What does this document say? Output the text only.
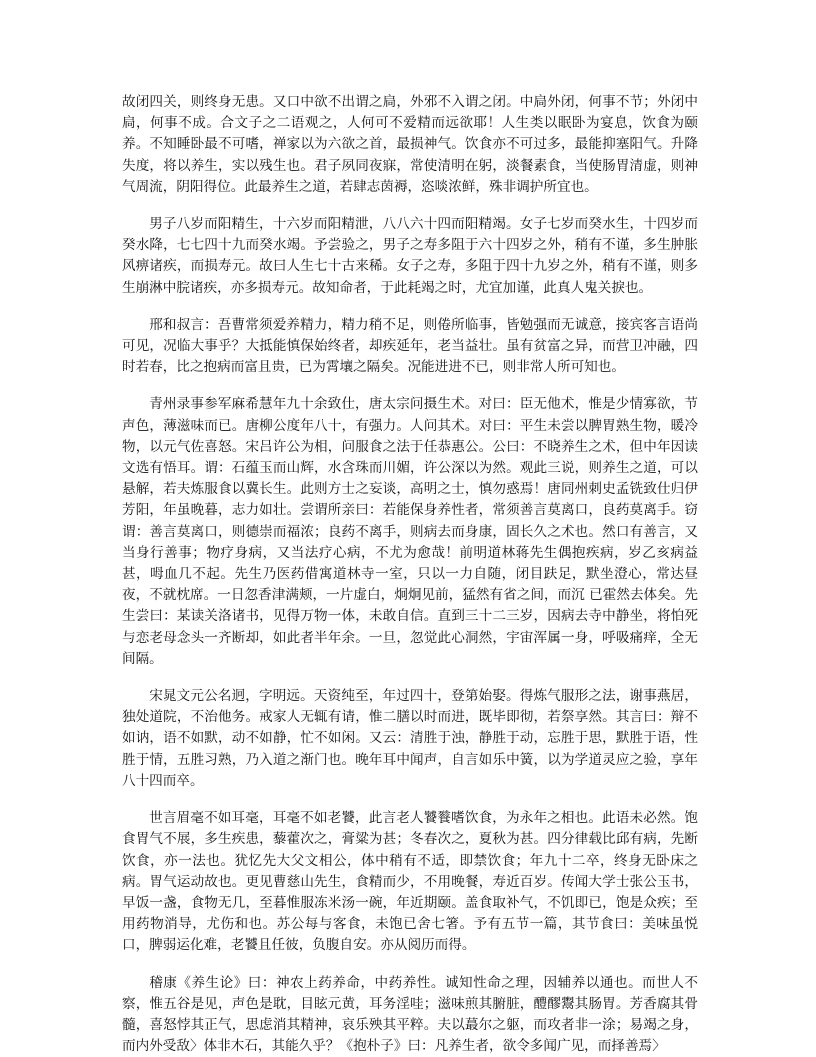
故闭四关，则终身无患。又口中欲不出谓之扃，外邪不入谓之闭。中扃外闭，何事不节；外闭中扃，何事不成。合文子之二语观之，人何可不爱精而远欲耶！人生类以眠卧为宴息，饮食为颐养。不知睡卧最不可嗜，禅家以为六欲之首，最损神气。饮食亦不可过多，最能抑塞阳气。升降失度，将以养生，实以残生也。君子夙同夜寐，常使清明在躬，淡餐素食，当使肠胃清虚，则神气周流，阴阳得位。此最养生之道，若肆志茵褥，恣啖浓鲜，殊非调护所宜也。

男子八岁而阳精生，十六岁而阳精泄，八八六十四而阳精竭。女子七岁而癸水生，十四岁而癸水降，七七四十九而癸水竭。予尝验之，男子之寿多阻于六十四岁之外，稍有不谨，多生肿胀风痹诸疾，而损寿元。故曰人生七十古来稀。女子之寿，多阻于四十九岁之外，稍有不谨，则多生崩淋中脘诸疾，亦多损寿元。故知命者，于此耗竭之时，尤宜加谨，此真人鬼关捩也。

邢和叔言：吾曹常须爱养精力，精力稍不足，则倦所临事，皆勉强而无诚意，接宾客言语尚可见，况临大事乎？大抵能慎保始终者，却疾延年，老当益壮。虽有贫富之异，而营卫冲融，四时若春，比之抱病而富且贵，已为霄壤之隔矣。况能进进不已，则非常人所可知也。

青州录事参军麻希慧年九十余致仕，唐太宗问摄生术。对曰：臣无他术，惟是少情寡欲，节声色，薄滋味而已。唐柳公度年八十，有强力。人问其术。对曰：平生未尝以脾胃熟生物，暖冷物，以元气佐喜怒。宋吕许公为相，问服食之法于任恭惠公。公曰：不晓养生之术，但中年因读文选有悟耳。谓：石蕴玉而山辉，水含珠而川媚，许公深以为然。观此三说，则养生之道，可以悬解，若夫炼服食以冀长生。此则方士之妄谈，高明之士，慎勿惑焉！唐同州刺史孟铣致仕归伊芳阳，年虽晚暮，志力如壮。尝谓所亲曰：若能保身养性者，常须善言莫离口，良药莫离手。窃谓：善言莫离口，则德崇而福浓；良药不离手，则病去而身康，固长久之术也。然口有善言，又当身行善事；物疗身病，又当法疗心病，不尤为愈哉！前明道林蒋先生偶抱疾病，岁乙亥病益甚，呣血几不起。先生乃医药借寓道林寺一室，只以一力自随，闭目趺足，默坐澄心，常达昼夜，不就枕席。一日忽香津满颊，一片虚白，炯炯见前，猛然有省之间，而沉 已霍然去体矣。先生尝曰：某读关洛诸书，见得万物一体，未敢自信。直到三十二三岁，因病去寺中静坐，将怕死与恋老母念头一齐断却，如此者半年余。一旦，忽觉此心洞然，宇宙浑属一身，呼吸痛痒，全无间隔。

宋晁文元公名迥，字明远。天资纯至，年过四十，登第始娶。得炼气服形之法，谢事燕居，独处道院，不治他务。戒家人无辄有请，惟二膳以时而进，既毕即彻，若祭享然。其言曰：辩不如讷，语不如默，动不如静，忙不如闲。又云：清胜于浊，静胜于动，忘胜于思，默胜于语，性胜于情，五胜习熟，乃入道之渐门也。晚年耳中闻声，自言如乐中簧，以为学道灵应之验，享年八十四而卒。

世言眉毫不如耳毫，耳毫不如老饕，此言老人饕餮嗜饮食，为永年之相也。此语未必然。饱食胃气不展，多生疾患，藜藿次之，膏粱为甚；冬春次之，夏秋为甚。四分律载比邱有病，先断饮食，亦一法也。犹忆先大父文相公，体中稍有不适，即禁饮食；年九十二卒，终身无卧床之病。胃气运动故也。更见曹慈山先生，食精而少，不用晚餐，寿近百岁。传闻大学士张公玉书，早饭一盏，食物无几，至暮惟服冻米汤一碗，年近期颐。盖食取补气，不饥即已，饱是众疾；至用药物消导，尤伤和也。苏公每与客食，未饱已舍七箸。予有五节一篇，其节食曰：美味虽悦口，脾弱运化难，老饕且任彼，负腹自安。亦从阅历而得。

稽康《养生论》曰：神农上药养命，中药养性。诚知性命之理，因辅养以通也。而世人不察，惟五谷是见，声色是耽，目眩元黄，耳务淫哇；滋味煎其腑脏，醴醪鬻其肠胃。芳香腐其骨髓，喜怒悖其正气，思虑消其精神，哀乐殃其平粹。夫以蕞尔之躯，而攻者非一涂；易竭之身，而内外受敌〉体非木石，其能久乎？《抱朴子》曰：凡养生者，欲令多闻广见，而择善焉〉
